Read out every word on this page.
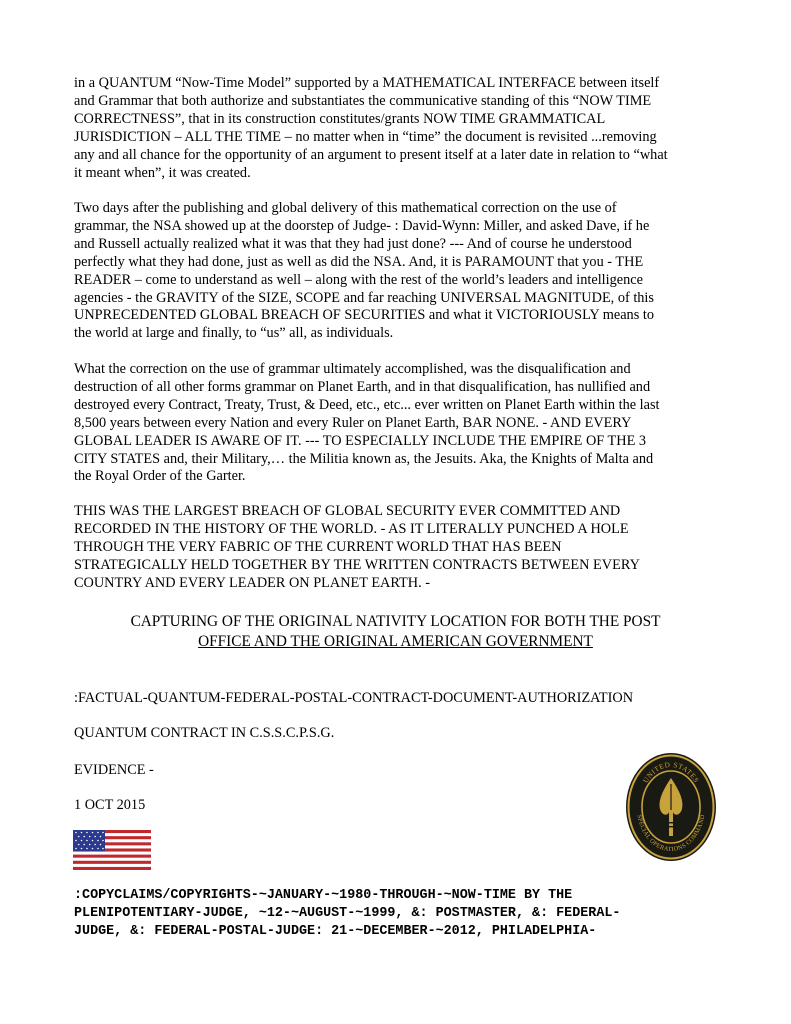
in a QUANTUM “Now-Time Model” supported by a MATHEMATICAL INTERFACE between itself
and Grammar that both authorize and substantiates the communicative standing of this “NOW TIME
CORRECTNESS”, that in its construction constitutes/grants NOW TIME GRAMMATICAL
JURISDICTION – ALL THE TIME – no matter when in “time” the document is revisited ...removing
any and all chance for the opportunity of an argument to present itself at a later date in relation to “what
it meant when”, it was created.

Two days after the publishing and global delivery of this mathematical correction on the use of
grammar, the NSA showed up at the doorstep of Judge- : David-Wynn: Miller, and asked Dave, if he
and Russell actually realized what it was that they had just done? --- And of course he understood
perfectly what they had done, just as well as did the NSA. And, it is PARAMOUNT that you - THE
READER – come to understand as well – along with the rest of the world’s leaders and intelligence
agencies - the GRAVITY of the SIZE, SCOPE and far reaching UNIVERSAL MAGNITUDE, of this
UNPRECEDENTED GLOBAL BREACH OF SECURITIES and what it VICTORIOUSLY means to
the world at large and finally, to “us” all, as individuals.

What the correction on the use of grammar ultimately accomplished, was the disqualification and
destruction of all other forms grammar on Planet Earth, and in that disqualification, has nullified and
destroyed every Contract, Treaty, Trust, & Deed, etc., etc... ever written on Planet Earth within the last
8,500 years between every Nation and every Ruler on Planet Earth, BAR NONE. - AND EVERY
GLOBAL LEADER IS AWARE OF IT. --- TO ESPECIALLY INCLUDE THE EMPIRE OF THE 3
CITY STATES and, their Military,… the Militia known as, the Jesuits. Aka, the Knights of Malta and
the Royal Order of the Garter.

THIS WAS THE LARGEST BREACH OF GLOBAL SECURITY EVER COMMITTED AND
RECORDED IN THE HISTORY OF THE WORLD. - AS IT LITERALLY PUNCHED A HOLE
THROUGH THE VERY FABRIC OF THE CURRENT WORLD THAT HAS BEEN
STRATEGICALLY HELD TOGETHER BY THE WRITTEN CONTRACTS BETWEEN EVERY
COUNTRY AND EVERY LEADER ON PLANET EARTH. -

CAPTURING OF THE ORIGINAL NATIVITY LOCATION FOR BOTH THE POST
OFFICE AND THE ORIGINAL AMERICAN GOVERNMENT
:FACTUAL-QUANTUM-FEDERAL-POSTAL-CONTRACT-DOCUMENT-AUTHORIZATION
QUANTUM CONTRACT IN C.S.S.C.P.S.G.
EVIDENCE -
1 OCT 2015
UNITED STATES
SPECIAL OPERATIONS COMMAND
:COPYCLAIMS/COPYRIGHTS-~JANUARY-~1980-THROUGH-~NOW-TIME BY THE
PLENIPOTENTIARY-JUDGE, ~12-~AUGUST-~1999, &: POSTMASTER, &: FEDERAL-
JUDGE, &: FEDERAL-POSTAL-JUDGE: 21-~DECEMBER-~2012, PHILADELPHIA-
